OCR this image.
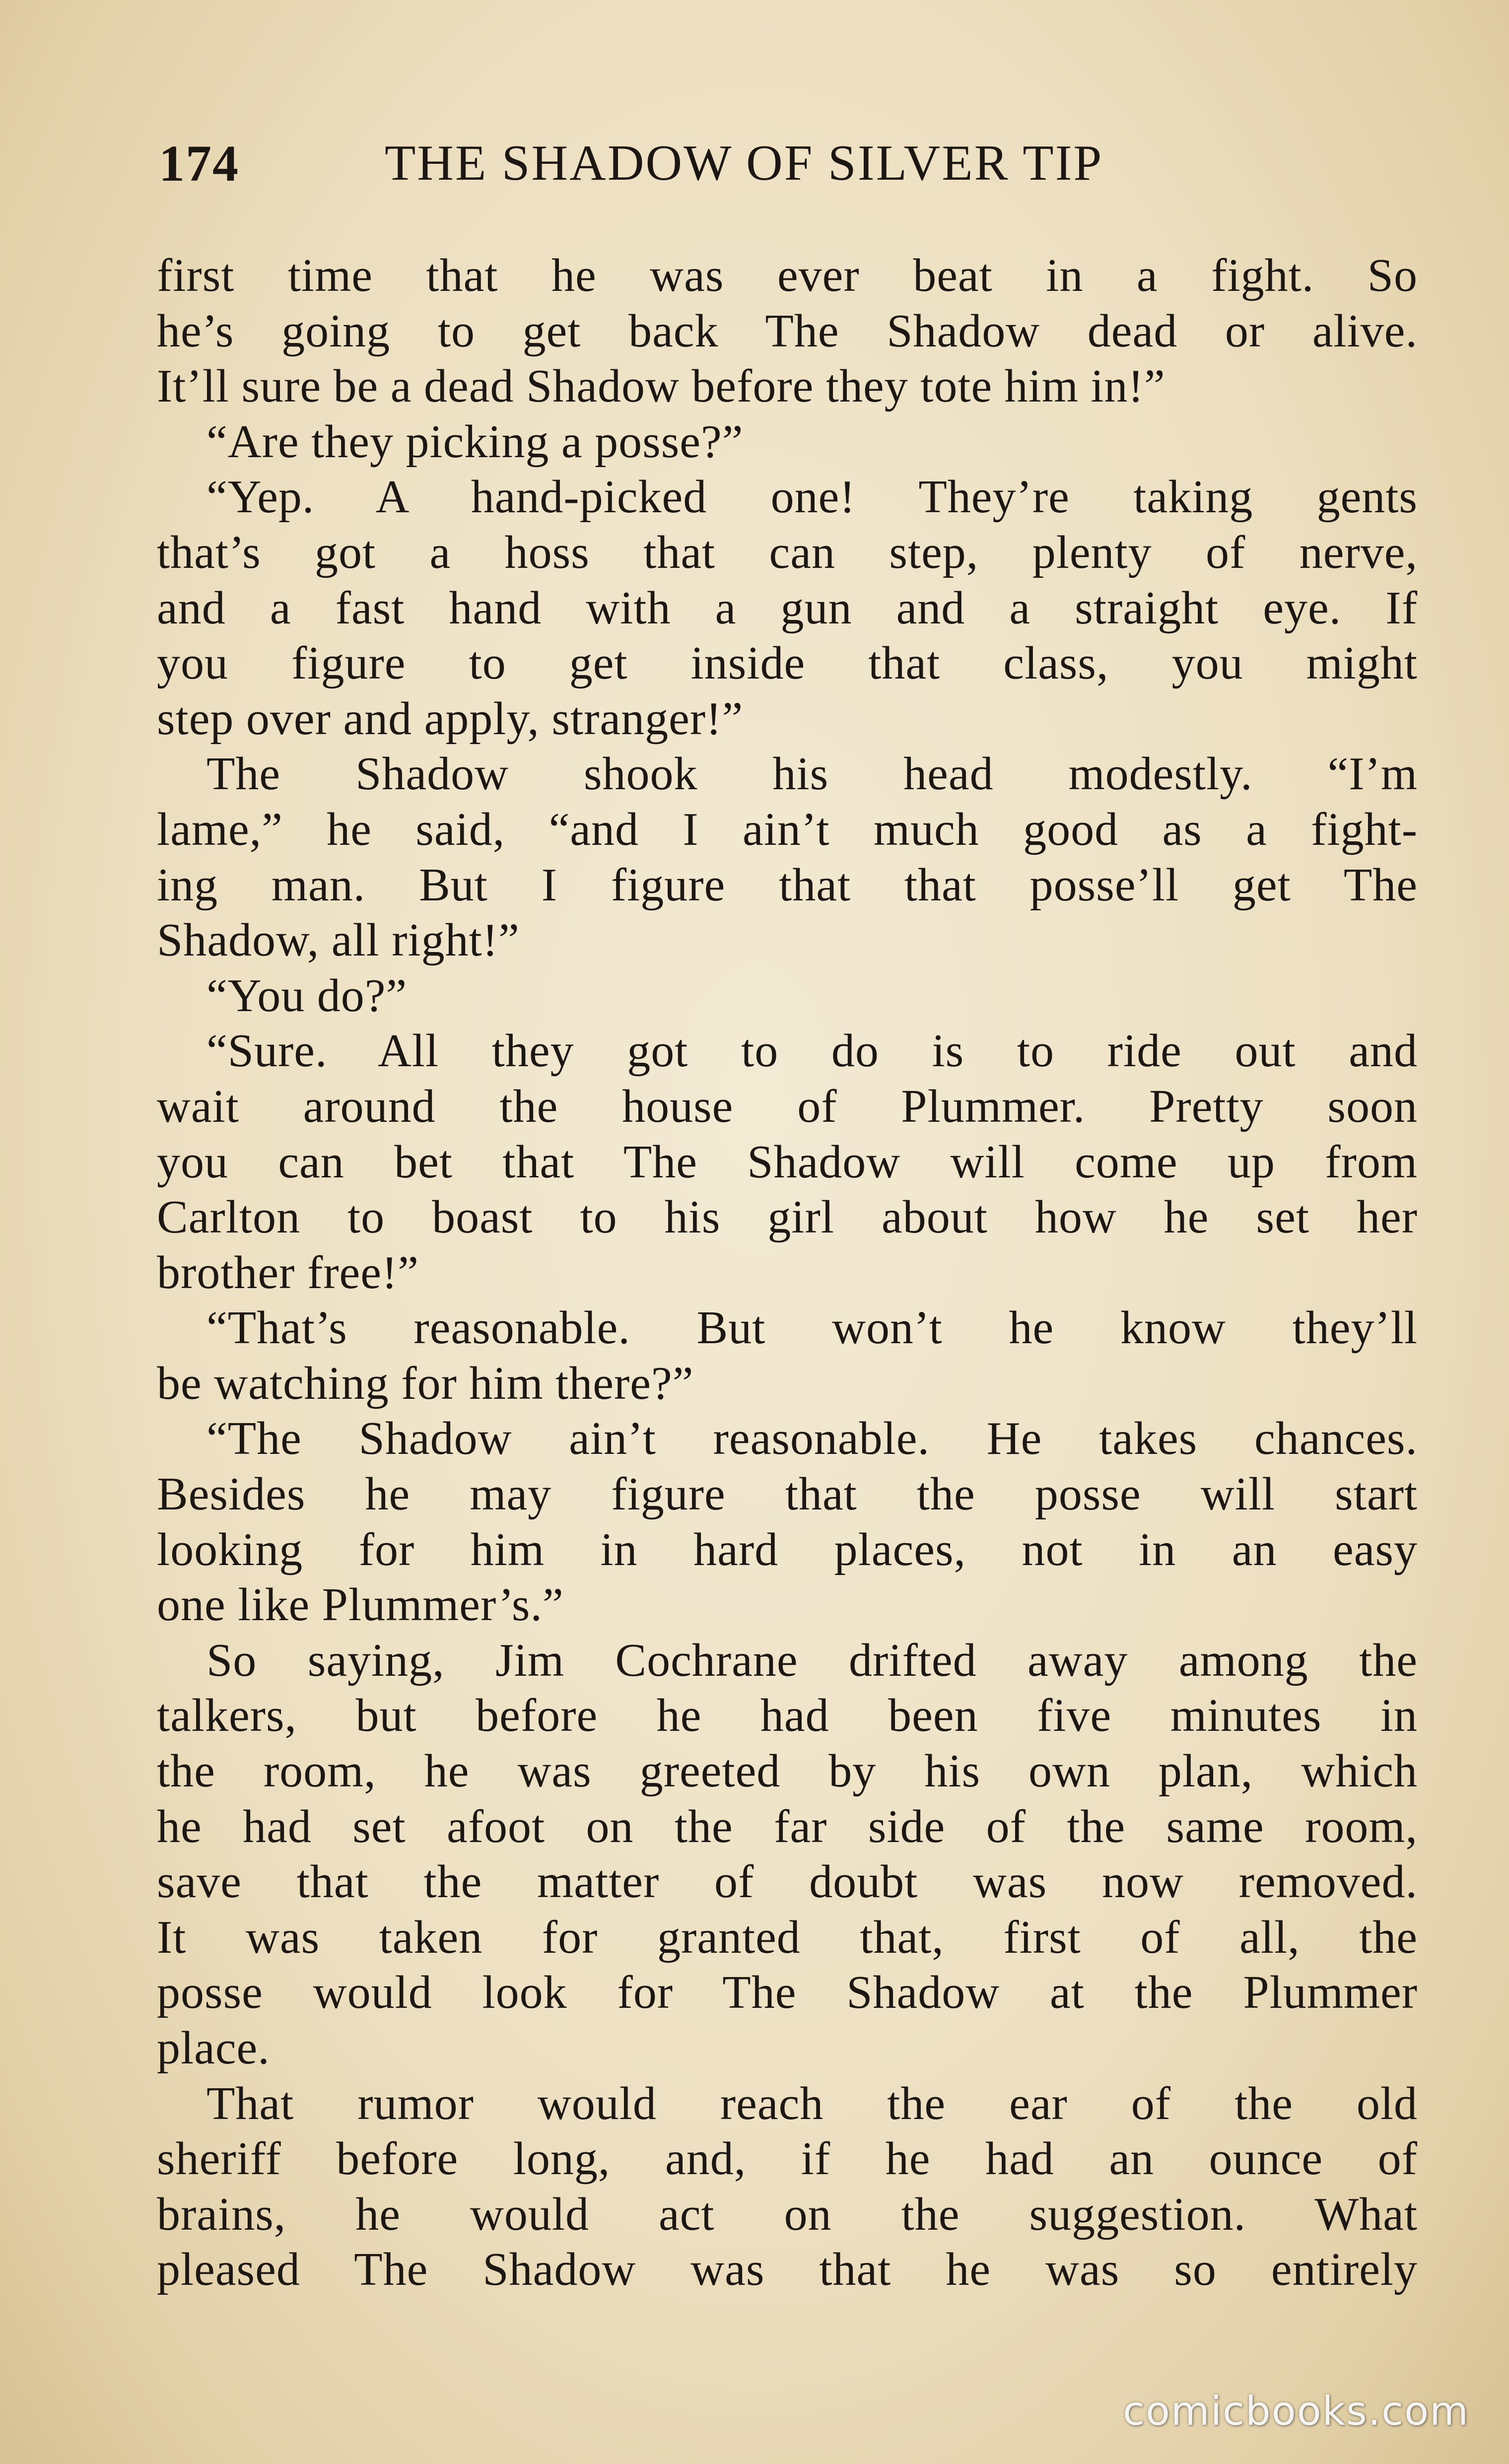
174	THE SHADOW OF SILVER TIP
first time that he was ever beat in a fight. So
he’s going to get back The Shadow dead or alive.
It’ll sure be a dead Shadow before they tote him in!”
“Are they picking a posse?”
“Yep. A hand-picked one! They’re taking gents
that’s got a hoss that can step, plenty of nerve,
and a fast hand with a gun and a straight eye. If
you figure to get inside that class, you might
step over and apply, stranger!”
The Shadow shook his head modestly. “I’m
lame,” he said, “and I ain’t much good as a fight-
ing man. But I figure that that posse’ll get The
Shadow, all right!”
“You do?”
“Sure. All they got to do is to ride out and
wait around the house of Plummer. Pretty soon
you can bet that The Shadow will come up from
Carlton to boast to his girl about how he set her
brother free!”
“That’s reasonable. But won’t he know they’ll
be watching for him there?”
“The Shadow ain’t reasonable. He takes chances.
Besides he may figure that the posse will start
looking for him in hard places, not in an easy
one like Plummer’s.”
So saying, Jim Cochrane drifted away among the
talkers, but before he had been five minutes in
the room, he was greeted by his own plan, which
he had set afoot on the far side of the same room,
save that the matter of doubt was now removed.
It was taken for granted that, first of all, the
posse would look for The Shadow at the Plummer
place.
That rumor would reach the ear of the old
sheriff before long, and, if he had an ounce of
brains, he would act on the suggestion. What
pleased The Shadow was that he was so entirely
comicbooks.com
